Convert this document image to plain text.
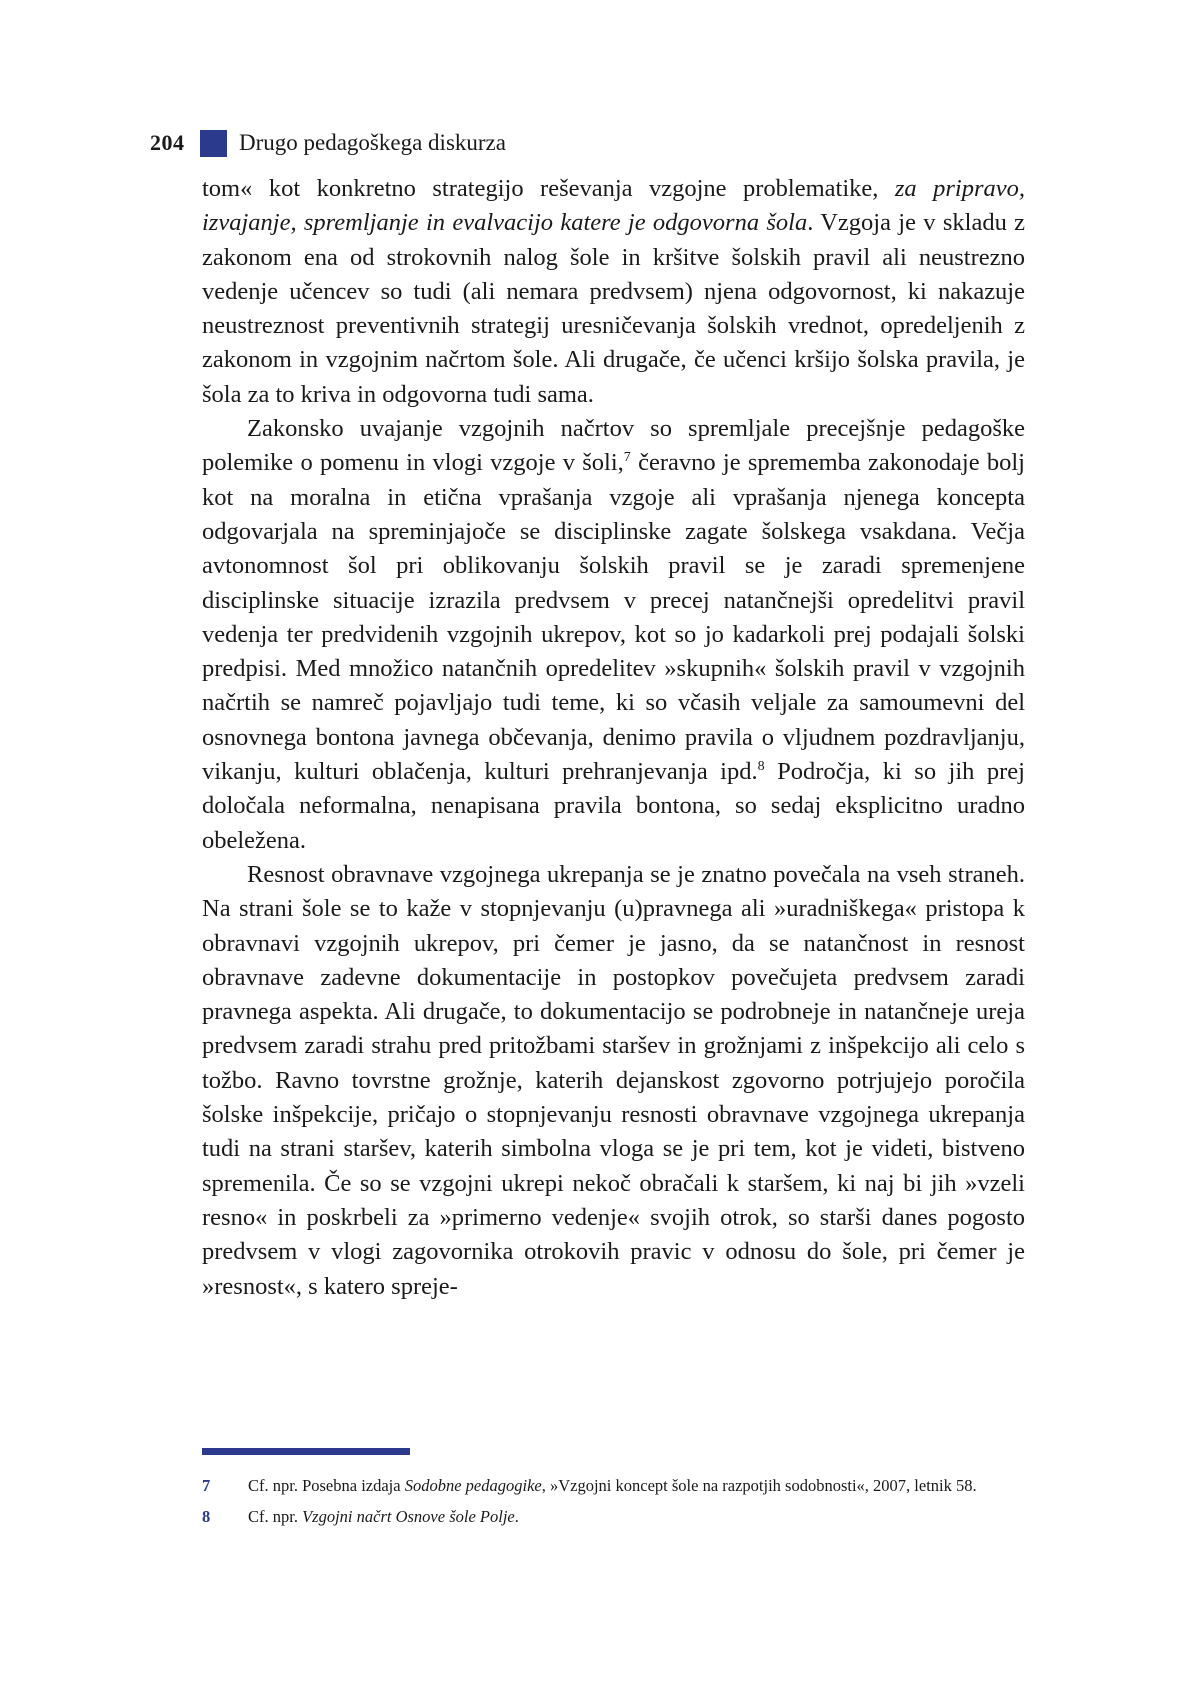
204	Drugo pedagoškega diskurza

tom« kot konkretno strategijo reševanja vzgojne problematike, za pripravo, izvajanje, spremljanje in evalvacijo katere je odgovorna šola. Vzgoja je v skladu z zakonom ena od strokovnih nalog šole in kršitve šolskih pravil ali neustrezno vedenje učencev so tudi (ali nemara predvsem) njena odgovornost, ki nakazuje neustreznost preventivnih strategij uresničevanja šolskih vrednot, opredeljenih z zakonom in vzgojnim načrtom šole. Ali drugače, če učenci kršijo šolska pravila, je šola za to kriva in odgovorna tudi sama.

Zakonsko uvajanje vzgojnih načrtov so spremljale precejšnje pedagoške polemike o pomenu in vlogi vzgoje v šoli,$^7$ čeravno je sprememba zakonodaje bolj kot na moralna in etična vprašanja vzgoje ali vprašanja njenega koncepta odgovarjala na spreminjajoče se disciplinske zagate šolskega vsakdana. Večja avtonomnost šol pri oblikovanju šolskih pravil se je zaradi spremenjene disciplinske situacije izrazila predvsem v precej natančnejši opredelitvi pravil vedenja ter predvidenih vzgojnih ukrepov, kot so jo kadarkoli prej podajali šolski predpisi. Med množico natančnih opredelitev »skupnih« šolskih pravil v vzgojnih načrtih se namreč pojavljajo tudi teme, ki so včasih veljale za samoumevni del osnovnega bontona javnega občevanja, denimo pravila o vljudnem pozdravljanju, vikanju, kulturi oblačenja, kulturi prehranjevanja ipd.$^8$ Področja, ki so jih prej določala neformalna, nenapisana pravila bontona, so sedaj eksplicitno uradno obeležena.

Resnost obravnave vzgojnega ukrepanja se je znatno povečala na vseh straneh. Na strani šole se to kaže v stopnjevanju (u)pravnega ali »uradniškega« pristopa k obravnavi vzgojnih ukrepov, pri čemer je jasno, da se natančnost in resnost obravnave zadevne dokumentacije in postopkov povečujeta predvsem zaradi pravnega aspekta. Ali drugače, to dokumentacijo se podrobneje in natančneje ureja predvsem zaradi strahu pred pritožbami staršev in grožnjami z inšpekcijo ali celo s tožbo. Ravno tovrstne grožnje, katerih dejanskost zgovorno potrjujejo poročila šolske inšpekcije, pričajo o stopnjevanju resnosti obravnave vzgojnega ukrepanja tudi na strani staršev, katerih simbolna vloga se je pri tem, kot je videti, bistveno spremenila. Če so se vzgojni ukrepi nekoč obračali k staršem, ki naj bi jih »vzeli resno« in poskrbeli za »primerno vedenje« svojih otrok, so starši danes pogosto predvsem v vlogi zagovornika otrokovih pravic v odnosu do šole, pri čemer je »resnost«, s katero spreje-

7	Cf. npr. Posebna izdaja Sodobne pedagogike, »Vzgojni koncept šole na razpotjih sodobnosti«, 2007, letnik 58.
8	Cf. npr. Vzgojni načrt Osnove šole Polje.
